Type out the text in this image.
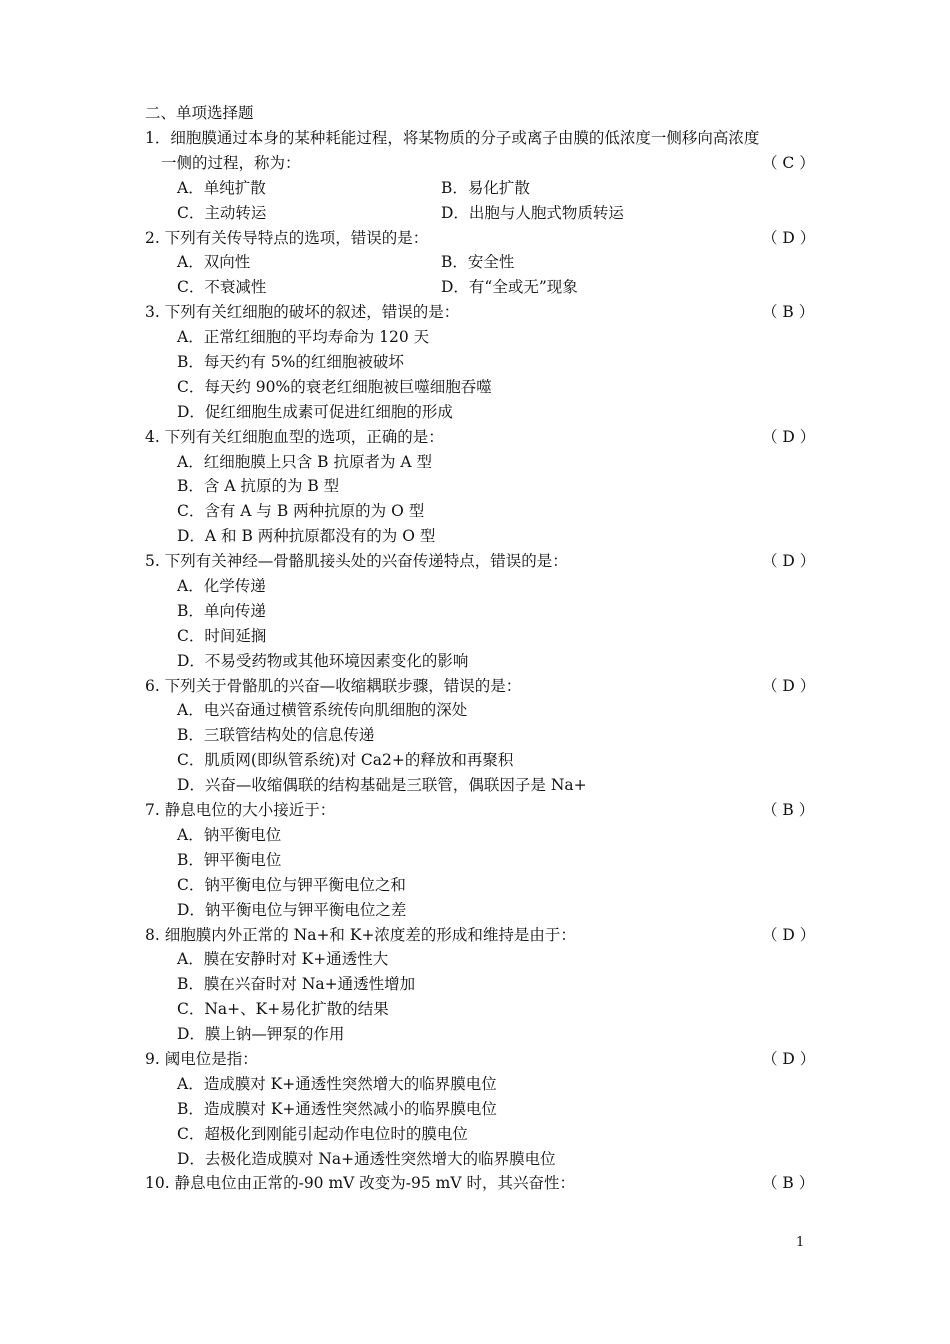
二、单项选择题
1．细胞膜通过本身的某种耗能过程，将某物质的分子或离子由膜的低浓度一侧移向高浓度
一侧的过程，称为：	（ C ）
A．单纯扩散	B．易化扩散
C．主动转运	D．出胞与人胞式物质转运
2. 下列有关传导特点的选项，错误的是：	（ D ）
A．双向性	B．安全性
C．不衰减性	D．有“全或无”现象
3. 下列有关红细胞的破坏的叙述，错误的是：	（ B ）
A．正常红细胞的平均寿命为 120 天
B．每天约有 5%的红细胞被破坏
C．每天约 90%的衰老红细胞被巨噬细胞吞噬
D．促红细胞生成素可促进红细胞的形成
4. 下列有关红细胞血型的选项，正确的是：	（ D ）
A．红细胞膜上只含 B 抗原者为 A 型
B．含 A 抗原的为 B 型
C．含有 A 与 B 两种抗原的为 O 型
D．A 和 B 两种抗原都没有的为 O 型
5. 下列有关神经—骨骼肌接头处的兴奋传递特点，错误的是：	（ D ）
A．化学传递
B．单向传递
C．时间延搁
D．不易受药物或其他环境因素变化的影响
6. 下列关于骨骼肌的兴奋—收缩耦联步骤，错误的是：	（ D ）
A．电兴奋通过横管系统传向肌细胞的深处
B．三联管结构处的信息传递
C．肌质网(即纵管系统)对 Ca2+的释放和再聚积
D．兴奋—收缩偶联的结构基础是三联管，偶联因子是 Na+
7. 静息电位的大小接近于：	（ B ）
A．钠平衡电位
B．钾平衡电位
C．钠平衡电位与钾平衡电位之和
D．钠平衡电位与钾平衡电位之差
8. 细胞膜内外正常的 Na+和 K+浓度差的形成和维持是由于：	（ D ）
A．膜在安静时对 K+通透性大
B．膜在兴奋时对 Na+通透性增加
C．Na+、K+易化扩散的结果
D．膜上钠—钾泵的作用
9. 阈电位是指：	（ D ）
A．造成膜对 K+通透性突然增大的临界膜电位
B．造成膜对 K+通透性突然减小的临界膜电位
C．超极化到刚能引起动作电位时的膜电位
D．去极化造成膜对 Na+通透性突然增大的临界膜电位
10. 静息电位由正常的-90 mV 改变为-95 mV 时，其兴奋性：	（ B ）
1
